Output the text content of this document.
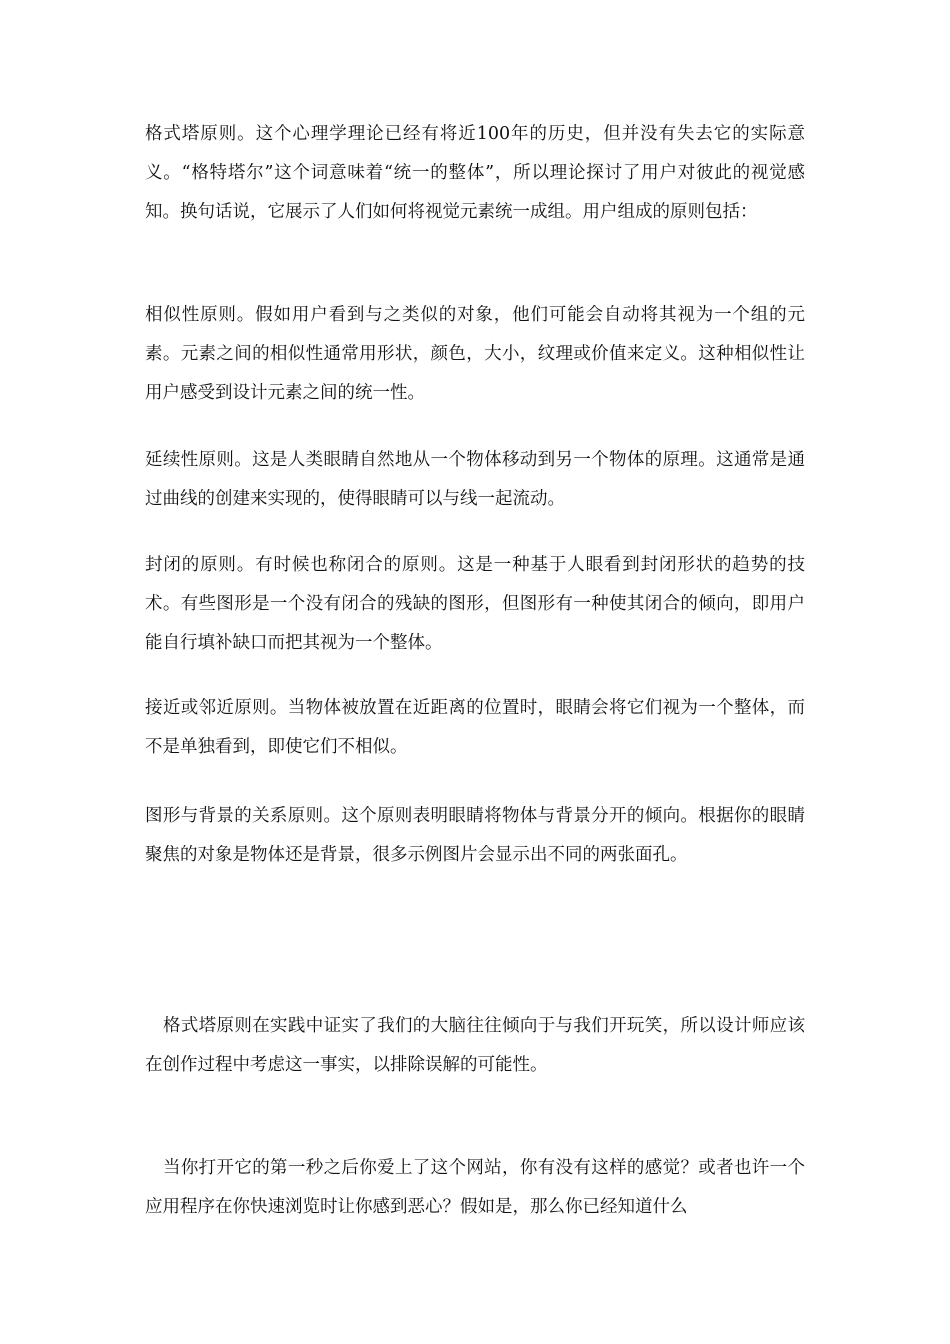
格式塔原则。这个心理学理论已经有将近100年的历史，但并没有失去它的实际意义。“格特塔尔”这个词意味着“统一的整体”，所以理论探讨了用户对彼此的视觉感知。换句话说，它展示了人们如何将视觉元素统一成组。用户组成的原则包括：

相似性原则。假如用户看到与之类似的对象，他们可能会自动将其视为一个组的元素。元素之间的相似性通常用形状，颜色，大小，纹理或价值来定义。这种相似性让用户感受到设计元素之间的统一性。

延续性原则。这是人类眼睛自然地从一个物体移动到另一个物体的原理。这通常是通过曲线的创建来实现的，使得眼睛可以与线一起流动。

封闭的原则。有时候也称闭合的原则。这是一种基于人眼看到封闭形状的趋势的技术。有些图形是一个没有闭合的残缺的图形，但图形有一种使其闭合的倾向，即用户能自行填补缺口而把其视为一个整体。

接近或邻近原则。当物体被放置在近距离的位置时，眼睛会将它们视为一个整体，而不是单独看到，即使它们不相似。

图形与背景的关系原则。这个原则表明眼睛将物体与背景分开的倾向。根据你的眼睛聚焦的对象是物体还是背景，很多示例图片会显示出不同的两张面孔。

格式塔原则在实践中证实了我们的大脑往往倾向于与我们开玩笑，所以设计师应该在创作过程中考虑这一事实，以排除误解的可能性。

当你打开它的第一秒之后你爱上了这个网站，你有没有这样的感觉？或者也许一个应用程序在你快速浏览时让你感到恶心？假如是，那么你已经知道什么
